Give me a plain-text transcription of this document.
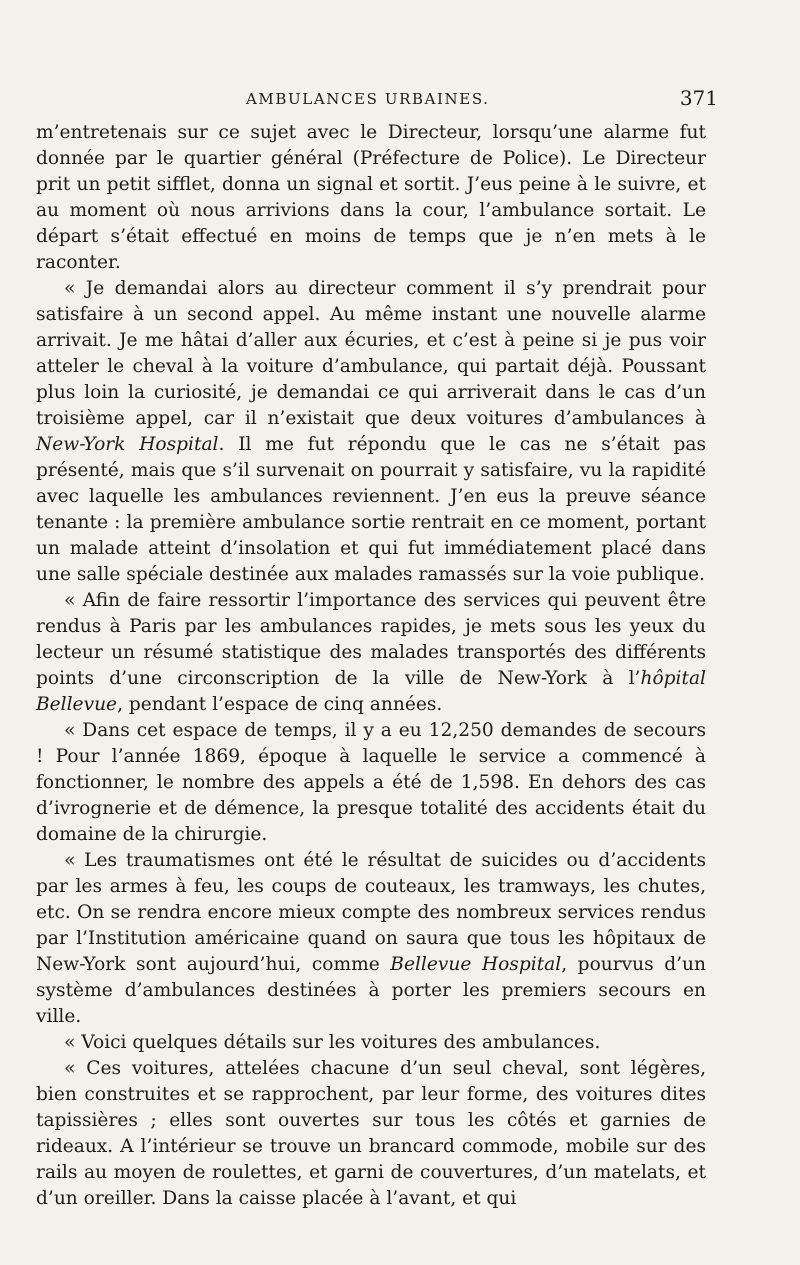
AMBULANCES URBAINES.	371

m’entretenais sur ce sujet avec le Directeur, lorsqu’une alarme fut donnée par le quartier général (Préfecture de Police). Le Directeur prit un petit sifflet, donna un signal et sortit. J’eus peine à le suivre, et au moment où nous arrivions dans la cour, l’ambulance sortait. Le départ s’était effectué en moins de temps que je n’en mets à le raconter.

« Je demandai alors au directeur comment il s’y prendrait pour satisfaire à un second appel. Au même instant une nouvelle alarme arrivait. Je me hâtai d’aller aux écuries, et c’est à peine si je pus voir atteler le cheval à la voiture d’ambulance, qui partait déjà. Poussant plus loin la curiosité, je demandai ce qui arriverait dans le cas d’un troisième appel, car il n’existait que deux voitures d’ambulances à New-York Hospital. Il me fut répondu que le cas ne s’était pas présenté, mais que s’il survenait on pourrait y satisfaire, vu la rapidité avec laquelle les ambulances reviennent. J’en eus la preuve séance tenante : la première ambulance sortie rentrait en ce moment, portant un malade atteint d’insolation et qui fut immédiatement placé dans une salle spéciale destinée aux malades ramassés sur la voie publique.

« Afin de faire ressortir l’importance des services qui peuvent être rendus à Paris par les ambulances rapides, je mets sous les yeux du lecteur un résumé statistique des malades transportés des différents points d’une circonscription de la ville de New-York à l’hôpital Bellevue, pendant l’espace de cinq années.

« Dans cet espace de temps, il y a eu 12,250 demandes de secours ! Pour l’année 1869, époque à laquelle le service a commencé à fonctionner, le nombre des appels a été de 1,598. En dehors des cas d’ivrognerie et de démence, la presque totalité des accidents était du domaine de la chirurgie.

« Les traumatismes ont été le résultat de suicides ou d’accidents par les armes à feu, les coups de couteaux, les tramways, les chutes, etc. On se rendra encore mieux compte des nombreux services rendus par l’Institution américaine quand on saura que tous les hôpitaux de New-York sont aujourd’hui, comme Bellevue Hospital, pourvus d’un système d’ambulances destinées à porter les premiers secours en ville.

« Voici quelques détails sur les voitures des ambulances.

« Ces voitures, attelées chacune d’un seul cheval, sont légères, bien construites et se rapprochent, par leur forme, des voitures dites tapissières ; elles sont ouvertes sur tous les côtés et garnies de rideaux. A l’intérieur se trouve un brancard commode, mobile sur des rails au moyen de roulettes, et garni de couvertures, d’un matelats, et d’un oreiller. Dans la caisse placée à l’avant, et qui
